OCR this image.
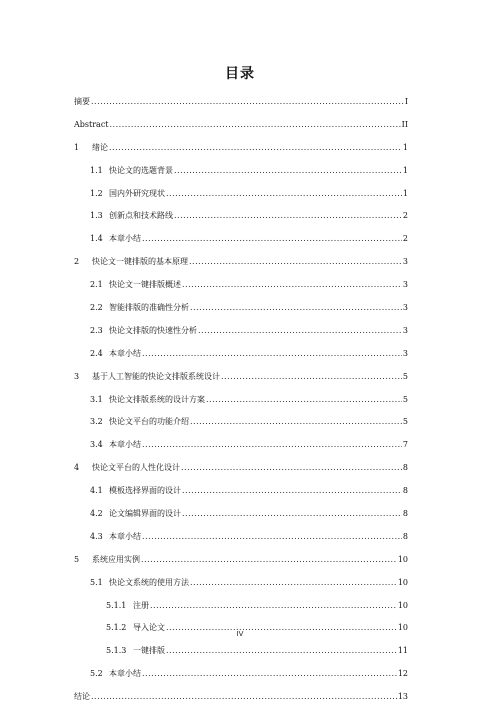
目录
摘要 .....	I
Abstract .....	II
1	绪论 .....	1
1.1 快论文的选题背景 .....	1
1.2 国内外研究现状 .....	1
1.3 创新点和技术路线 .....	2
1.4 本章小结 .....	2
2	快论文一键排版的基本原理 .....	3
2.1 快论文一键排版概述 .....	3
2.2 智能排版的准确性分析 .....	3
2.3 快论文排版的快速性分析 .....	3
2.4 本章小结 .....	3
3	基于人工智能的快论文排版系统设计 .....	5
3.1 快论文排版系统的设计方案 .....	5
3.2 快论文平台的功能介绍 .....	5
3.4 本章小结 .....	7
4	快论文平台的人性化设计 .....	8
4.1 模板选择界面的设计 .....	8
4.2 论文编辑界面的设计 .....	8
4.3 本章小结 .....	8
5	系统应用实例 .....	10
5.1 快论文系统的使用方法 .....	10
5.1.1 注册 .....	10
5.1.2 导入论文 .....	10
5.1.3 一键排版 .....	11
5.2 本章小结 .....	12
结论 .....	13
IV
